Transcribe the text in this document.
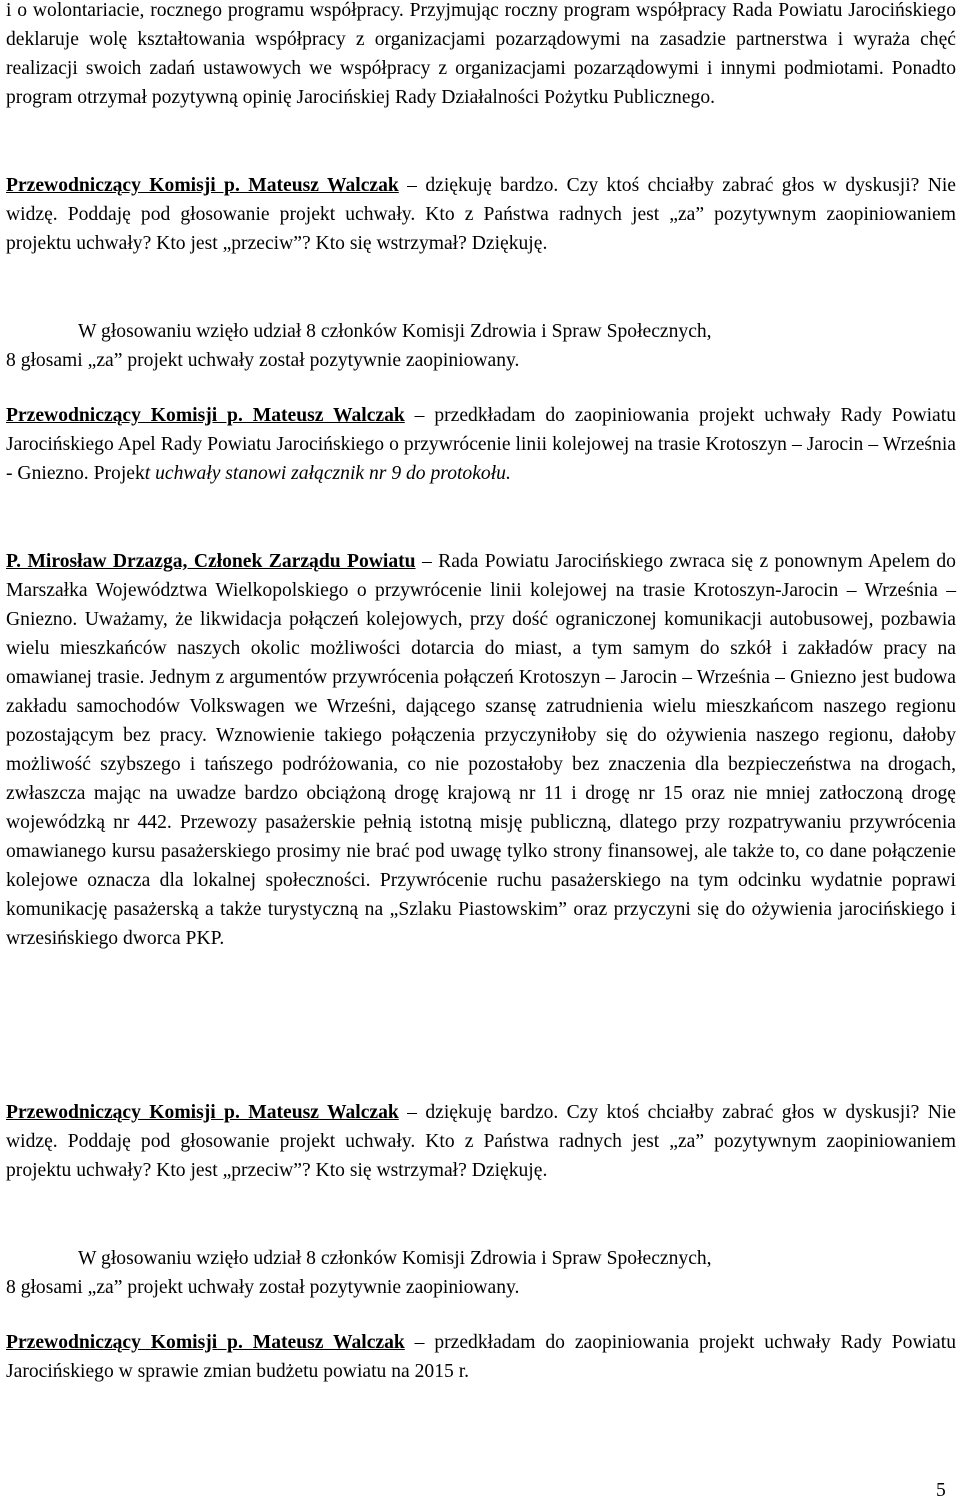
i o wolontariacie, rocznego programu współpracy. Przyjmując roczny program współpracy Rada Powiatu Jarocińskiego deklaruje wolę kształtowania współpracy z organizacjami pozarządowymi na zasadzie partnerstwa i wyraża chęć realizacji swoich zadań ustawowych we współpracy z organizacjami pozarządowymi i innymi podmiotami. Ponadto program otrzymał pozytywną opinię Jarocińskiej Rady Działalności Pożytku Publicznego.

Przewodniczący Komisji p. Mateusz Walczak – dziękuję bardzo. Czy ktoś chciałby zabrać głos w dyskusji? Nie widzę. Poddaję pod głosowanie projekt uchwały. Kto z Państwa radnych jest „za” pozytywnym zaopiniowaniem projektu uchwały? Kto jest „przeciw”? Kto się wstrzymał? Dziękuję.

W głosowaniu wzięło udział 8 członków Komisji Zdrowia i Spraw Społecznych,
8 głosami „za” projekt uchwały został pozytywnie zaopiniowany.

Przewodniczący Komisji p. Mateusz Walczak – przedkładam do zaopiniowania projekt uchwały Rady Powiatu Jarocińskiego Apel Rady Powiatu Jarocińskiego o przywrócenie linii kolejowej na trasie Krotoszyn – Jarocin – Września - Gniezno. Projekt uchwały stanowi załącznik nr 9 do protokołu.

P. Mirosław Drzazga, Członek Zarządu Powiatu – Rada Powiatu Jarocińskiego zwraca się z ponownym Apelem do Marszałka Województwa Wielkopolskiego o przywrócenie linii kolejowej na trasie Krotoszyn-Jarocin – Września – Gniezno. Uważamy, że likwidacja połączeń kolejowych, przy dość ograniczonej komunikacji autobusowej, pozbawia wielu mieszkańców naszych okolic możliwości dotarcia do miast, a tym samym do szkół i zakładów pracy na omawianej trasie. Jednym z argumentów przywrócenia połączeń Krotoszyn – Jarocin – Września – Gniezno jest budowa zakładu samochodów Volkswagen we Wrześni, dającego szansę zatrudnienia wielu mieszkańcom naszego regionu pozostającym bez pracy. Wznowienie takiego połączenia przyczyniłoby się do ożywienia naszego regionu, dałoby możliwość szybszego i tańszego podróżowania, co nie pozostałoby bez znaczenia dla bezpieczeństwa na drogach, zwłaszcza mając na uwadze bardzo obciążoną drogę krajową nr 11 i drogę nr 15 oraz nie mniej zatłoczoną drogę wojewódzką nr 442. Przewozy pasażerskie pełnią istotną misję publiczną, dlatego przy rozpatrywaniu przywrócenia omawianego kursu pasażerskiego prosimy nie brać pod uwagę tylko strony finansowej, ale także to, co dane połączenie kolejowe oznacza dla lokalnej społeczności. Przywrócenie ruchu pasażerskiego na tym odcinku wydatnie poprawi komunikację pasażerską a także turystyczną na „Szlaku Piastowskim” oraz przyczyni się do ożywienia jarocińskiego i wrzesińskiego dworca PKP.

Przewodniczący Komisji p. Mateusz Walczak – dziękuję bardzo. Czy ktoś chciałby zabrać głos w dyskusji? Nie widzę. Poddaję pod głosowanie projekt uchwały. Kto z Państwa radnych jest „za” pozytywnym zaopiniowaniem projektu uchwały? Kto jest „przeciw”? Kto się wstrzymał? Dziękuję.

W głosowaniu wzięło udział 8 członków Komisji Zdrowia i Spraw Społecznych,
8 głosami „za” projekt uchwały został pozytywnie zaopiniowany.

Przewodniczący Komisji p. Mateusz Walczak – przedkładam do zaopiniowania projekt uchwały Rady Powiatu Jarocińskiego w sprawie zmian budżetu powiatu na 2015 r.

5
